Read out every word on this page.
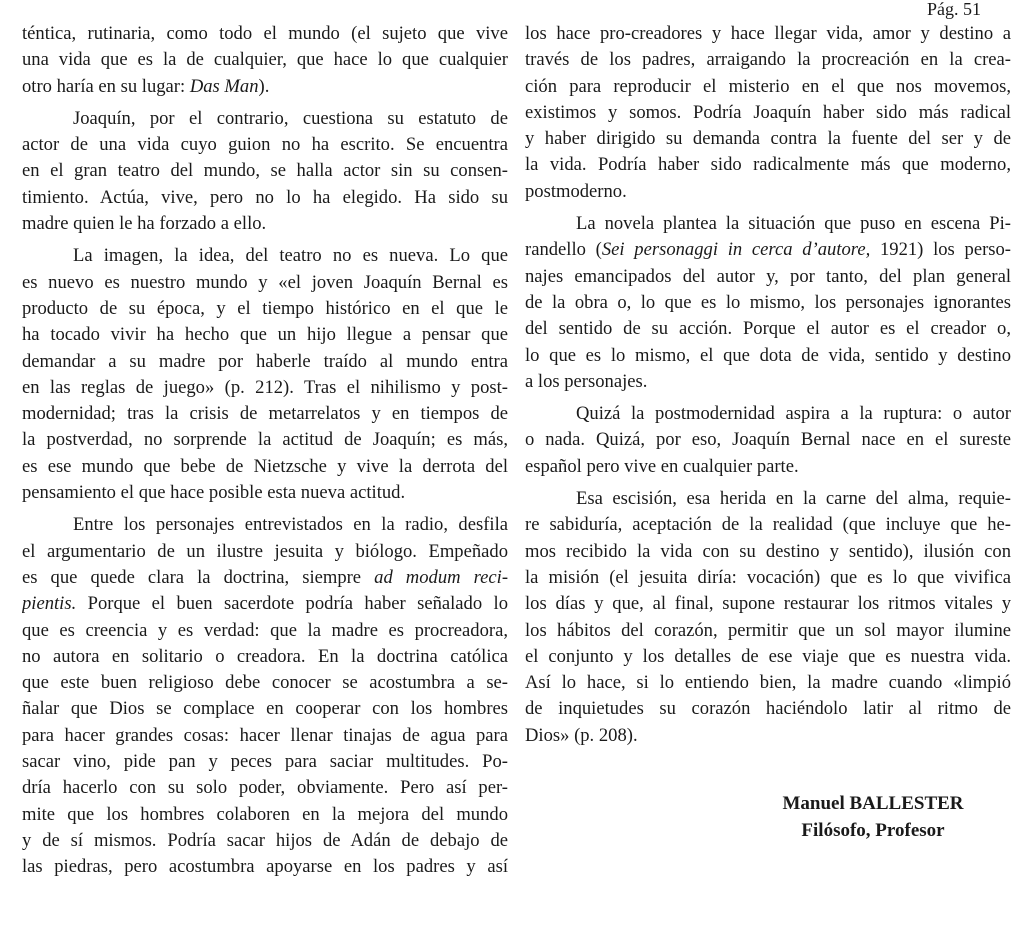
Pág. 51
téntica, rutinaria, como todo el mundo (el sujeto que vive
una vida que es la de cualquier, que hace lo que cualquier
otro haría en su lugar: Das Man).
Joaquín, por el contrario, cuestiona su estatuto de
actor de una vida cuyo guion no ha escrito. Se encuentra
en el gran teatro del mundo, se halla actor sin su consen-
timiento. Actúa, vive, pero no lo ha elegido. Ha sido su
madre quien le ha forzado a ello.
La imagen, la idea, del teatro no es nueva. Lo que
es nuevo es nuestro mundo y «el joven Joaquín Bernal es
producto de su época, y el tiempo histórico en el que le
ha tocado vivir ha hecho que un hijo llegue a pensar que
demandar a su madre por haberle traído al mundo entra
en las reglas de juego» (p. 212). Tras el nihilismo y post-
modernidad; tras la crisis de metarrelatos y en tiempos de
la postverdad, no sorprende la actitud de Joaquín; es más,
es ese mundo que bebe de Nietzsche y vive la derrota del
pensamiento el que hace posible esta nueva actitud.
Entre los personajes entrevistados en la radio, desfila
el argumentario de un ilustre jesuita y biólogo. Empeñado
es que quede clara la doctrina, siempre ad modum reci-
pientis. Porque el buen sacerdote podría haber señalado lo
que es creencia y es verdad: que la madre es procreadora,
no autora en solitario o creadora. En la doctrina católica
que este buen religioso debe conocer se acostumbra a se-
ñalar que Dios se complace en cooperar con los hombres
para hacer grandes cosas: hacer llenar tinajas de agua para
sacar vino, pide pan y peces para saciar multitudes. Po-
dría hacerlo con su solo poder, obviamente. Pero así per-
mite que los hombres colaboren en la mejora del mundo
y de sí mismos. Podría sacar hijos de Adán de debajo de
las piedras, pero acostumbra apoyarse en los padres y así
los hace pro-creadores y hace llegar vida, amor y destino a
través de los padres, arraigando la procreación en la crea-
ción para reproducir el misterio en el que nos movemos,
existimos y somos. Podría Joaquín haber sido más radical
y haber dirigido su demanda contra la fuente del ser y de
la vida. Podría haber sido radicalmente más que moderno,
postmoderno.
La novela plantea la situación que puso en escena Pi-
randello (Sei personaggi in cerca d’autore, 1921) los perso-
najes emancipados del autor y, por tanto, del plan general
de la obra o, lo que es lo mismo, los personajes ignorantes
del sentido de su acción. Porque el autor es el creador o,
lo que es lo mismo, el que dota de vida, sentido y destino
a los personajes.
Quizá la postmodernidad aspira a la ruptura: o autor
o nada. Quizá, por eso, Joaquín Bernal nace en el sureste
español pero vive en cualquier parte.
Esa escisión, esa herida en la carne del alma, requie-
re sabiduría, aceptación de la realidad (que incluye que he-
mos recibido la vida con su destino y sentido), ilusión con
la misión (el jesuita diría: vocación) que es lo que vivifica
los días y que, al final, supone restaurar los ritmos vitales y
los hábitos del corazón, permitir que un sol mayor ilumine
el conjunto y los detalles de ese viaje que es nuestra vida.
Así lo hace, si lo entiendo bien, la madre cuando «limpió
de inquietudes su corazón haciéndolo latir al ritmo de
Dios» (p. 208).
Manuel BALLESTER
Filósofo, Profesor
